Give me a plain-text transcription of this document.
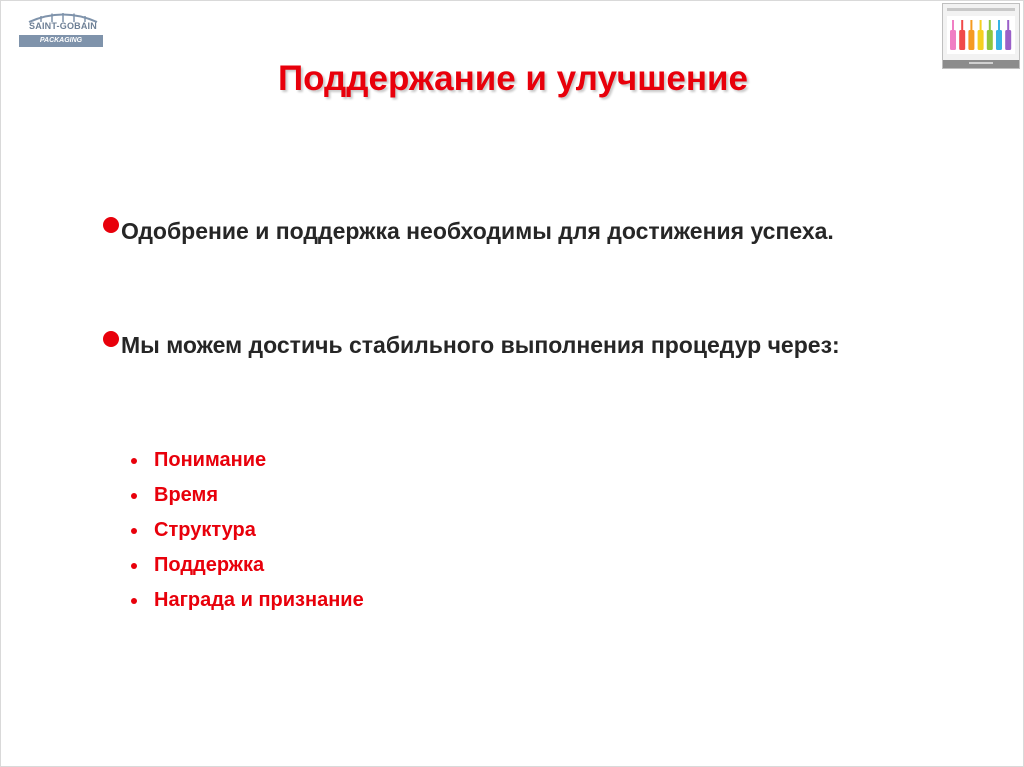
SAINT-GOBAIN
PACKAGING
Поддержание и улучшение
Одобрение и поддержка необходимы для достижения успеха.
Мы можем достичь стабильного выполнения процедур через:
Понимание
Время
Структура
Поддержка
Награда и признание
